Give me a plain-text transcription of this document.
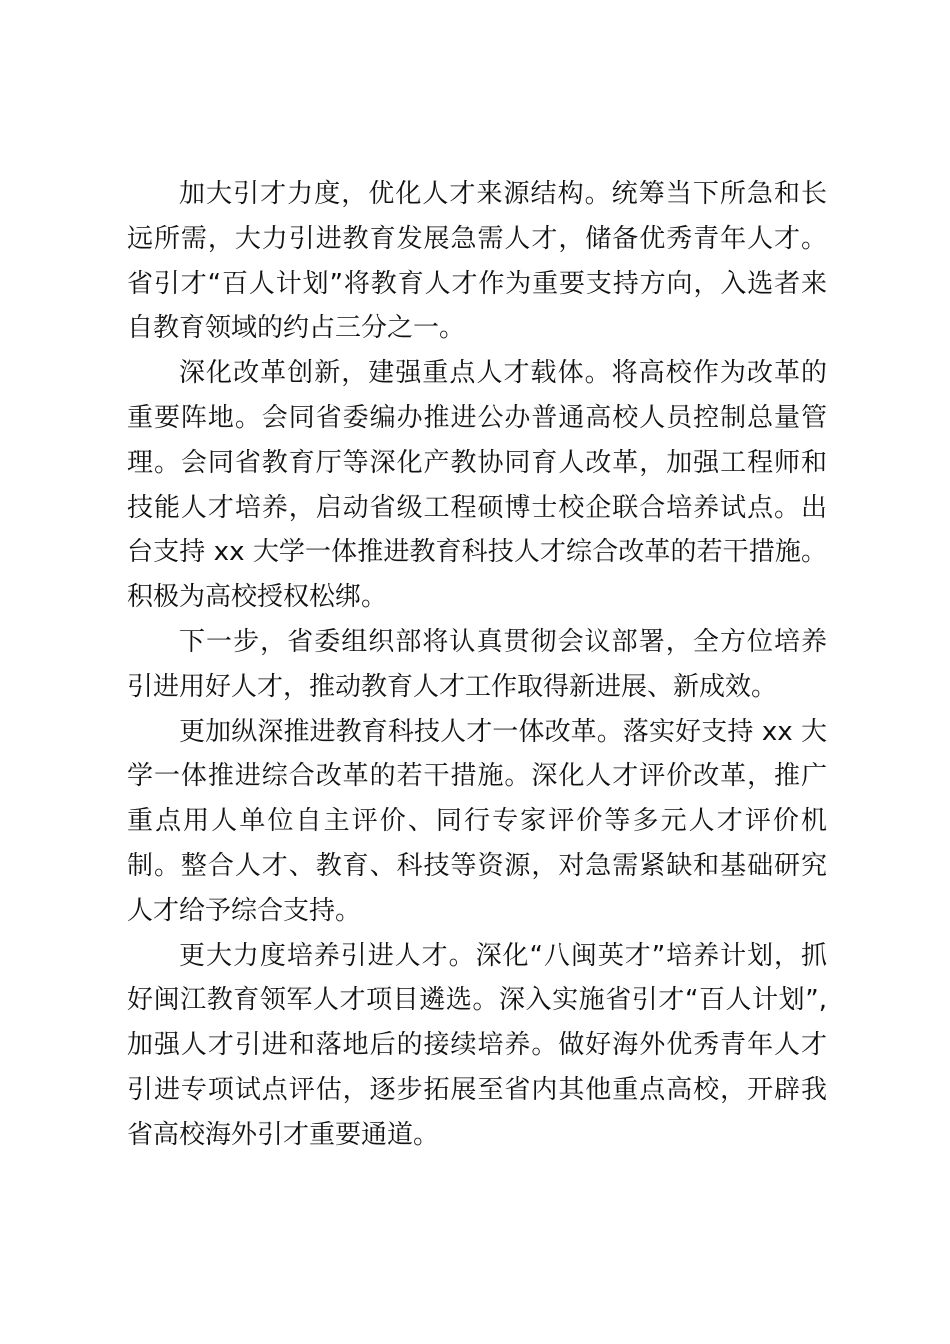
加大引才力度，优化人才来源结构。统筹当下所急和长远所需，大力引进教育发展急需人才，储备优秀青年人才。省引才“百人计划”将教育人才作为重要支持方向，入选者来自教育领域的约占三分之一。

深化改革创新，建强重点人才载体。将高校作为改革的重要阵地。会同省委编办推进公办普通高校人员控制总量管理。会同省教育厅等深化产教协同育人改革，加强工程师和技能人才培养，启动省级工程硕博士校企联合培养试点。出台支持 xx 大学一体推进教育科技人才综合改革的若干措施。积极为高校授权松绑。

下一步，省委组织部将认真贯彻会议部署，全方位培养引进用好人才，推动教育人才工作取得新进展、新成效。

更加纵深推进教育科技人才一体改革。落实好支持 xx 大学一体推进综合改革的若干措施。深化人才评价改革，推广重点用人单位自主评价、同行专家评价等多元人才评价机制。整合人才、教育、科技等资源，对急需紧缺和基础研究人才给予综合支持。

更大力度培养引进人才。深化“八闽英才”培养计划，抓好闽江教育领军人才项目遴选。深入实施省引才“百人计划”,加强人才引进和落地后的接续培养。做好海外优秀青年人才引进专项试点评估，逐步拓展至省内其他重点高校，开辟我省高校海外引才重要通道。
